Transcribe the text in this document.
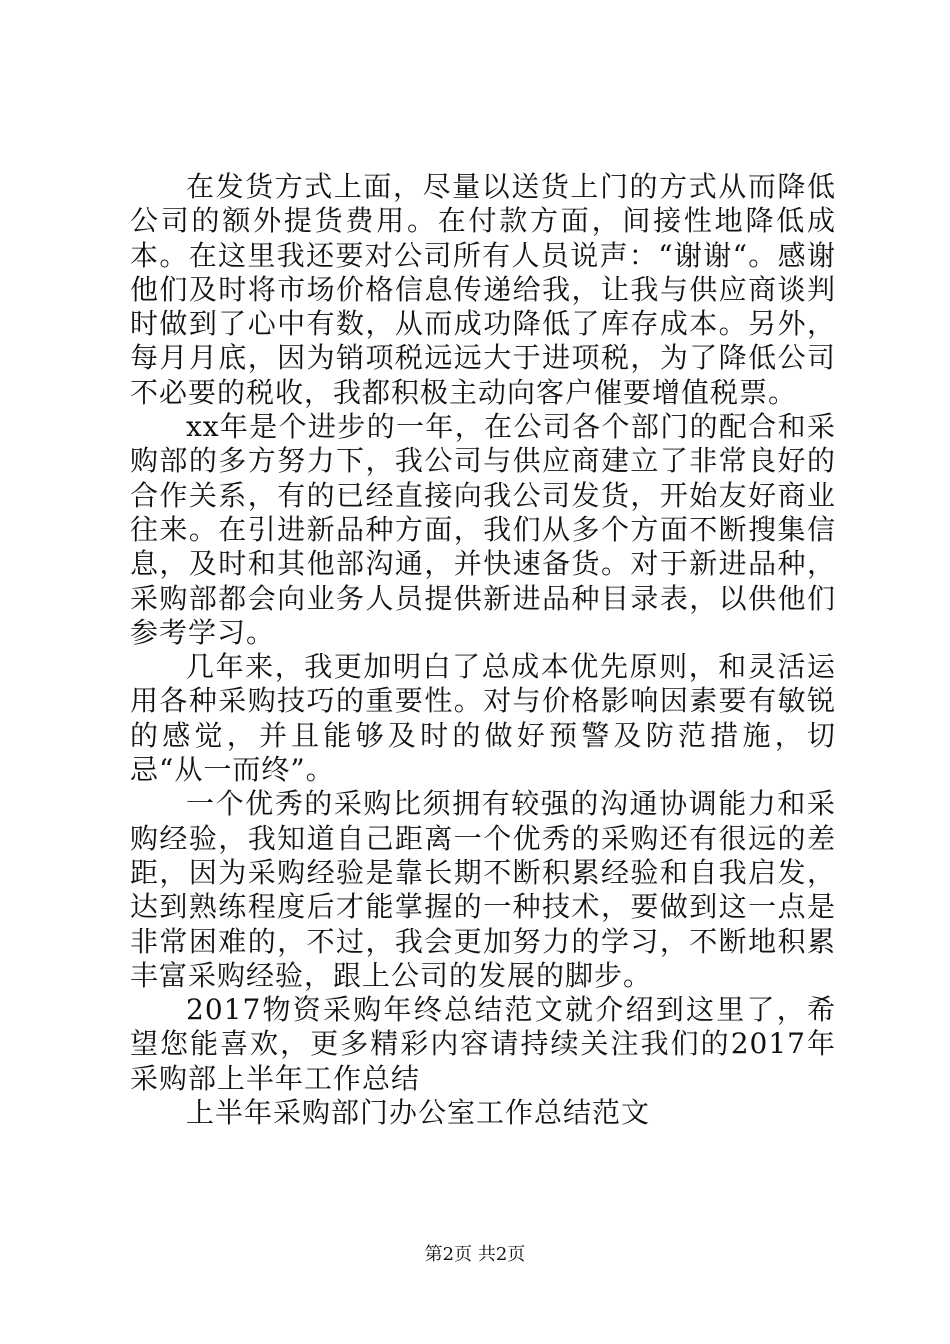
在发货方式上面，尽量以送货上门的方式从而降低公司的额外提货费用。在付款方面，间接性地降低成本。在这里我还要对公司所有人员说声：“谢谢“。感谢他们及时将市场价格信息传递给我，让我与供应商谈判时做到了心中有数，从而成功降低了库存成本。另外，每月月底，因为销项税远远大于进项税，为了降低公司不必要的税收，我都积极主动向客户催要增值税票。

xx年是个进步的一年，在公司各个部门的配合和采购部的多方努力下，我公司与供应商建立了非常良好的合作关系，有的已经直接向我公司发货，开始友好商业往来。在引进新品种方面，我们从多个方面不断搜集信息，及时和其他部沟通，并快速备货。对于新进品种，采购部都会向业务人员提供新进品种目录表，以供他们参考学习。

几年来，我更加明白了总成本优先原则，和灵活运用各种采购技巧的重要性。对与价格影响因素要有敏锐的感觉，并且能够及时的做好预警及防范措施，切忌“从一而终”。

一个优秀的采购比须拥有较强的沟通协调能力和采购经验，我知道自己距离一个优秀的采购还有很远的差距，因为采购经验是靠长期不断积累经验和自我启发，达到熟练程度后才能掌握的一种技术，要做到这一点是非常困难的，不过，我会更加努力的学习，不断地积累丰富采购经验，跟上公司的发展的脚步。

2017物资采购年终总结范文就介绍到这里了，希望您能喜欢，更多精彩内容请持续关注我们的2017年采购部上半年工作总结

上半年采购部门办公室工作总结范文

第2页 共2页
